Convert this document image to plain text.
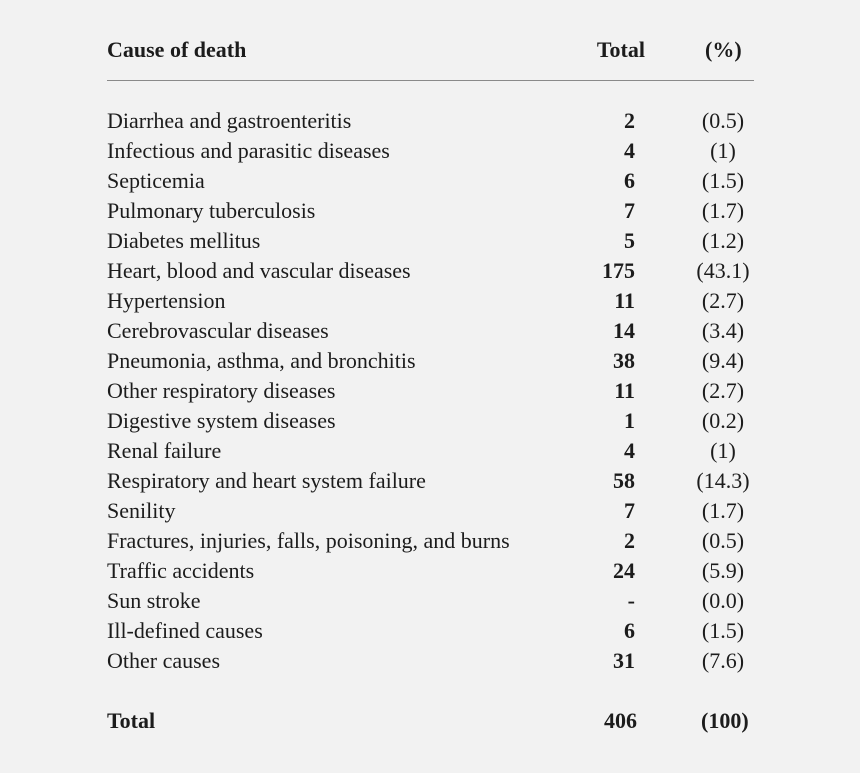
Cause of death	Total	(%)
Diarrhea and gastroenteritis	2	(0.5)
Infectious and parasitic diseases	4	(1)
Septicemia	6	(1.5)
Pulmonary tuberculosis	7	(1.7)
Diabetes mellitus	5	(1.2)
Heart, blood and vascular diseases	175	(43.1)
Hypertension	11	(2.7)
Cerebrovascular diseases	14	(3.4)
Pneumonia, asthma, and bronchitis	38	(9.4)
Other respiratory diseases	11	(2.7)
Digestive system diseases	1	(0.2)
Renal failure	4	(1)
Respiratory and heart system failure	58	(14.3)
Senility	7	(1.7)
Fractures, injuries, falls, poisoning, and burns	2	(0.5)
Traffic accidents	24	(5.9)
Sun stroke	-	(0.0)
Ill-defined causes	6	(1.5)
Other causes	31	(7.6)
Total	406	(100)
